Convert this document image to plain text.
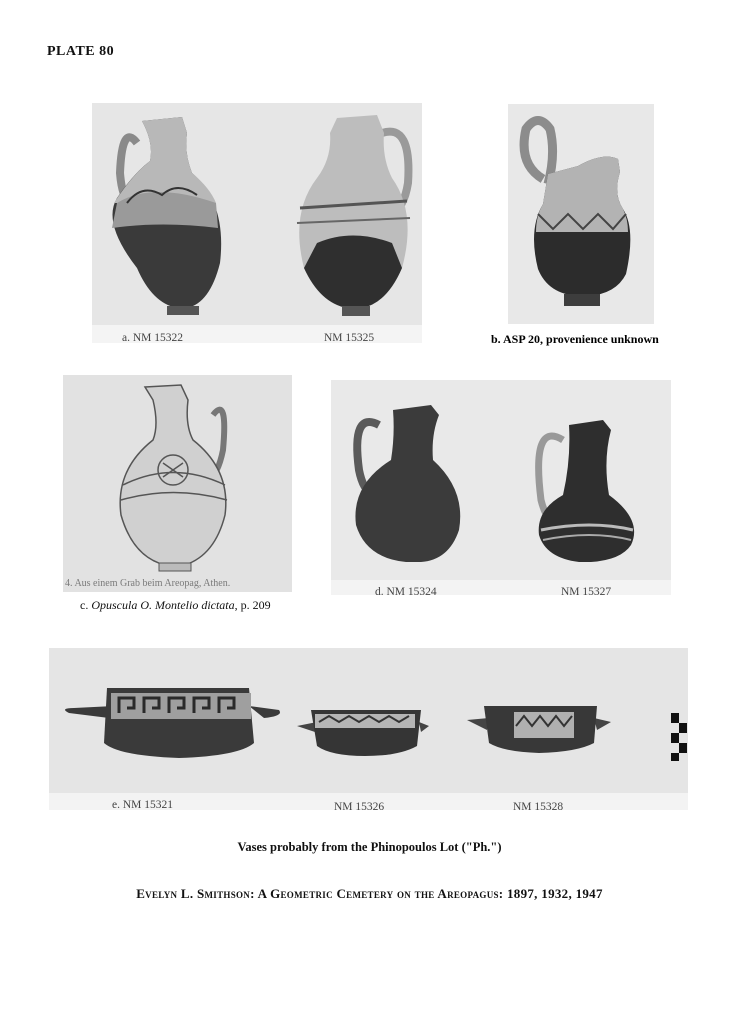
PLATE 80
a. NM 15322	NM 15325	b. ASP 20, provenience unknown
4. Aus einem Grab beim Areopag, Athen.
c. Opuscula O. Montelio dictata, p. 209
d. NM 15324	NM 15327
e. NM 15321	NM 15326	NM 15328
Vases probably from the Phinopoulos Lot ("Ph.")
Evelyn L. Smithson: A Geometric Cemetery on the Areopagus: 1897, 1932, 1947
